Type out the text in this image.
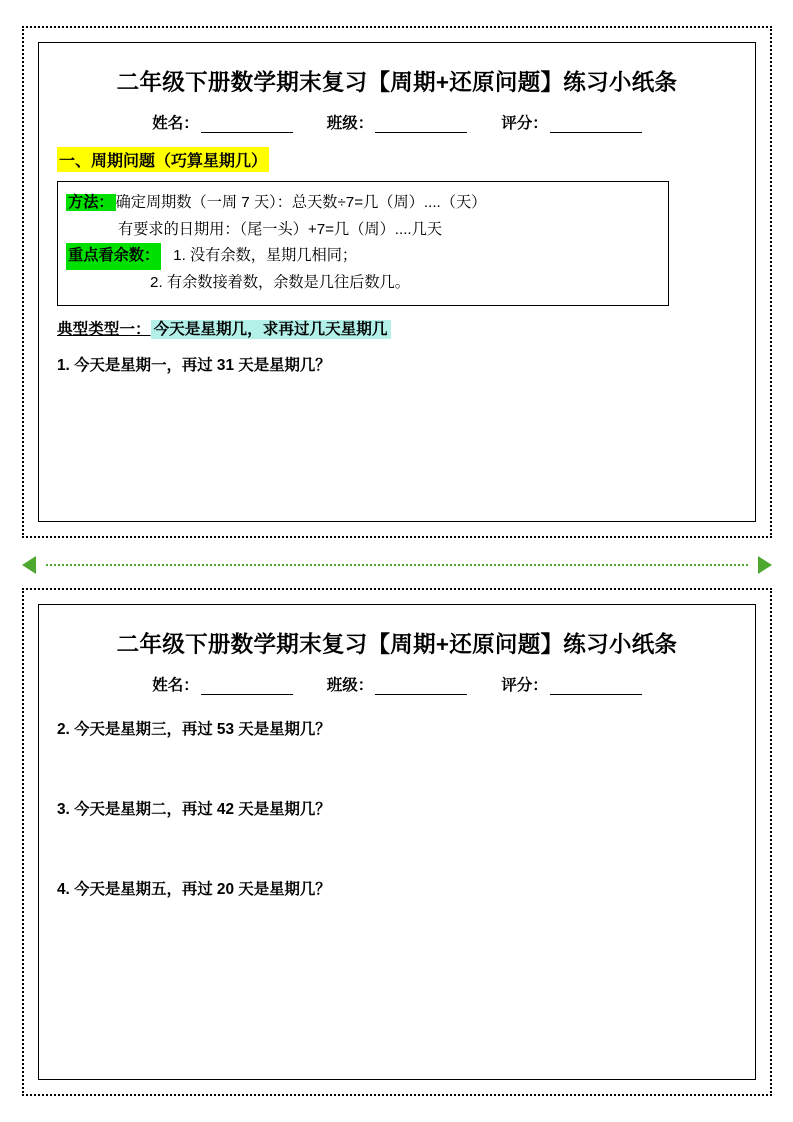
二年级下册数学期末复习【周期+还原问题】练习小纸条
姓名：	班级：	评分：
一、周期问题（巧算星期几）
方法： 确定周期数（一周 7 天）：总天数÷7=几（周）....（天）
有要求的日期用：（尾一头）+7=几（周）....几天
重点看余数： 1. 没有余数，星期几相同；
2. 有余数接着数，余数是几往后数几。
典型类型一： 今天是星期几，求再过几天星期几
1. 今天是星期一，再过 31 天是星期几？
二年级下册数学期末复习【周期+还原问题】练习小纸条
姓名：	班级：	评分：
2. 今天是星期三，再过 53 天是星期几？
3. 今天是星期二，再过 42 天是星期几？
4. 今天是星期五，再过 20 天是星期几？
